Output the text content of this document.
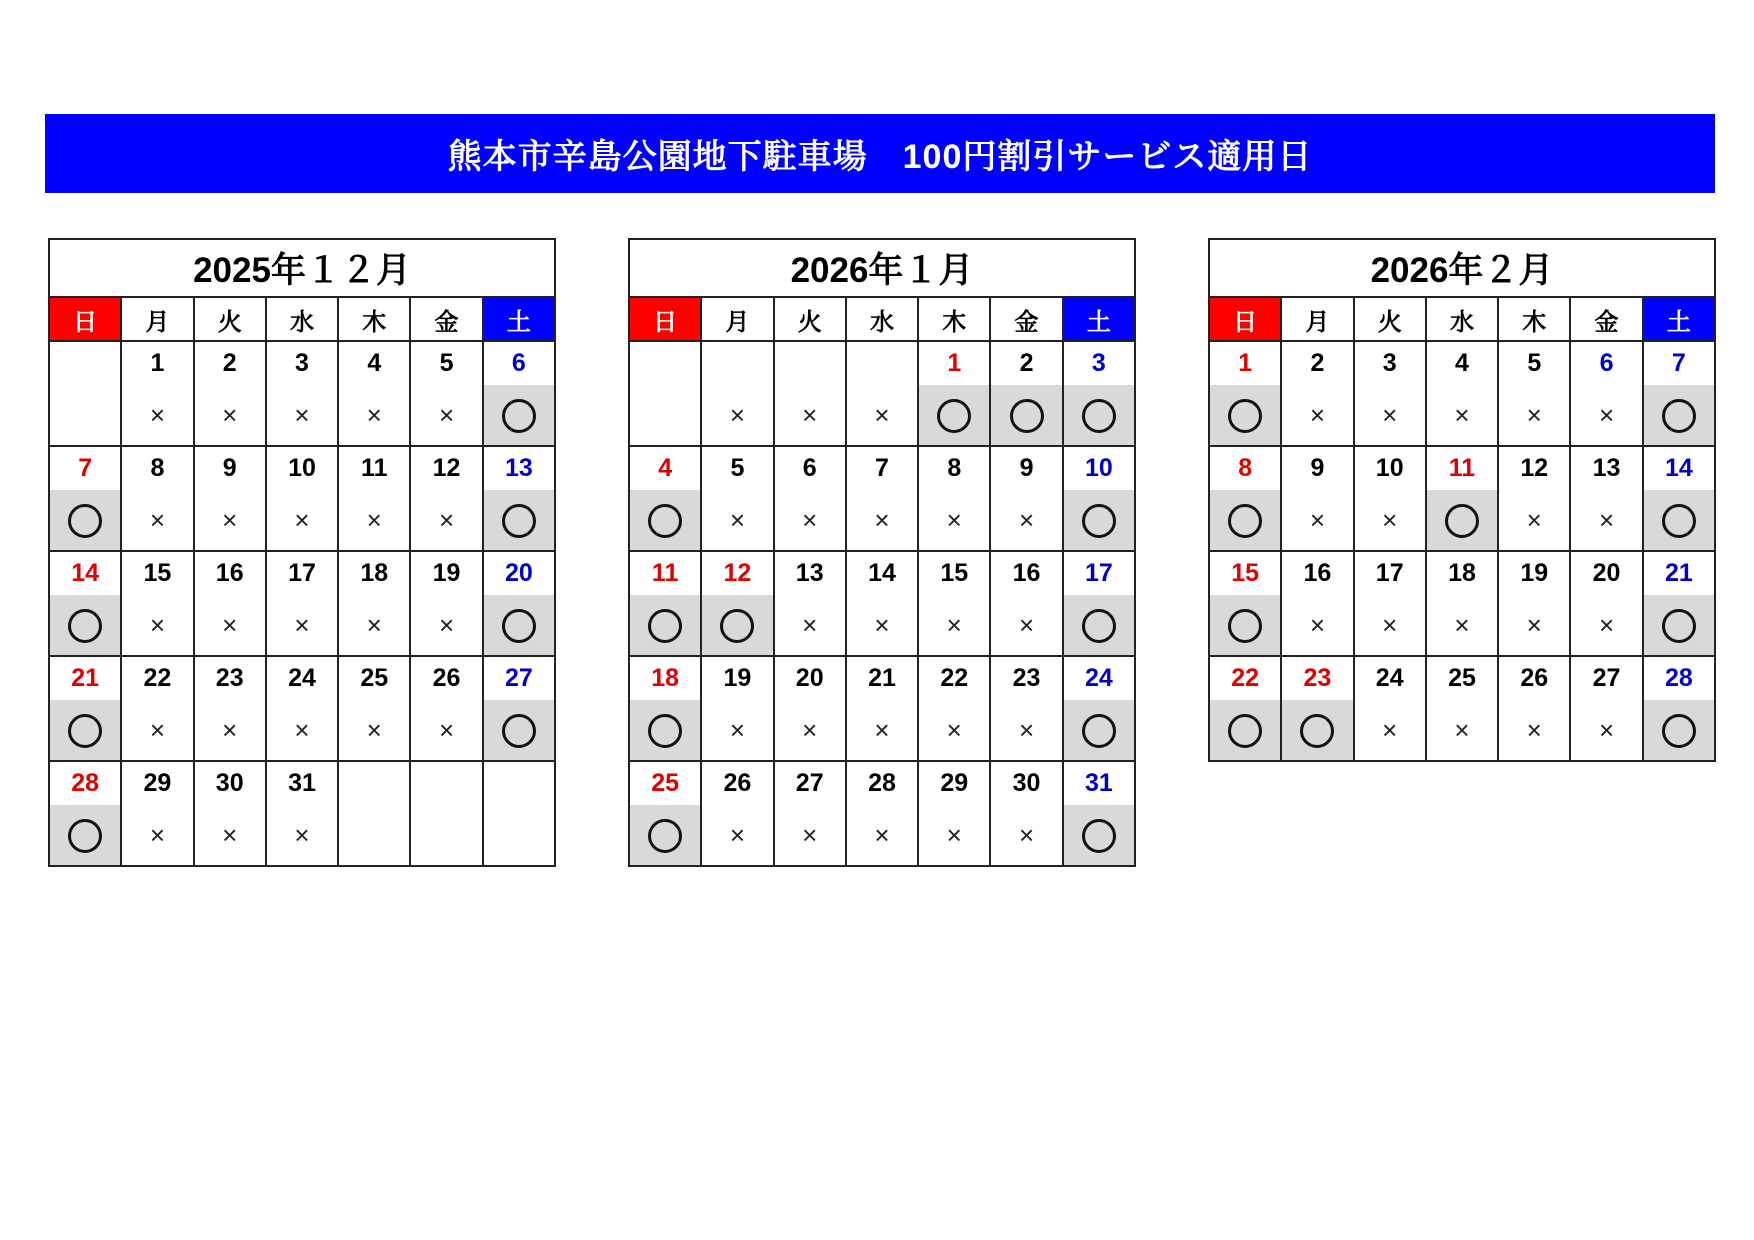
熊本市辛島公園地下駐車場　100円割引サービス適用日
2025年１２月						
日	月	火	水	木	金	土
	1	2	3	4	5	6
	×	×	×	×	×	
7	8	9	10	11	12	13
	×	×	×	×	×	
14	15	16	17	18	19	20
	×	×	×	×	×	
21	22	23	24	25	26	27
	×	×	×	×	×	
28	29	30	31			
	×	×	×			
2026年１月						
日	月	火	水	木	金	土
				1	2	3
	×	×	×			
4	5	6	7	8	9	10
	×	×	×	×	×	
11	12	13	14	15	16	17
		×	×	×	×	
18	19	20	21	22	23	24
	×	×	×	×	×	
25	26	27	28	29	30	31
	×	×	×	×	×	
2026年２月						
日	月	火	水	木	金	土
1	2	3	4	5	6	7
	×	×	×	×	×	
8	9	10	11	12	13	14
	×	×		×	×	
15	16	17	18	19	20	21
	×	×	×	×	×	
22	23	24	25	26	27	28
		×	×	×	×	
